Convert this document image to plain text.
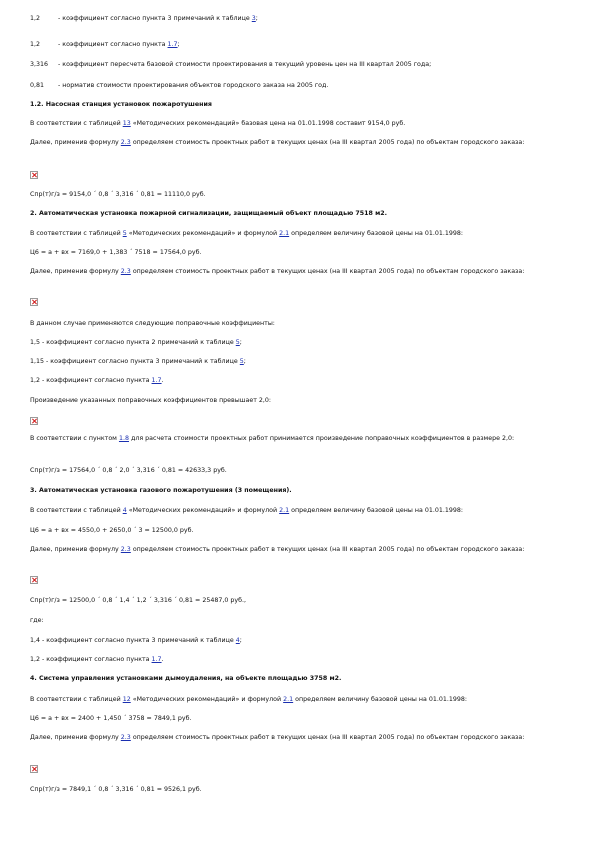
1,2	- коэффициент согласно пункта 3 примечаний к таблице 3;

1,2	- коэффициент согласно пункта 1.7;

3,316	- коэффициент пересчета базовой стоимости проектирования в текущий уровень цен на III квартал 2005 года;

0,81	- норматив стоимости проектирования объектов городского заказа на 2005 год.

1.2. Насосная станция установок пожаротушения

В соответствии с таблицей 13 «Методических рекомендаций» базовая цена на 01.01.1998 составит 9154,0 руб.

Далее, применив формулу 2.3 определяем стоимость проектных работ в текущих ценах (на III квартал 2005 года) по объектам городского заказа:

Спр(т)г/з = 9154,0 ´ 0,8 ´ 3,316 ´ 0,81 = 11110,0 руб.

2. Автоматическая установка пожарной сигнализации, защищаемый объект площадью 7518 м2.

В соответствии с таблицей 5 «Методических рекомендаций» и формулой 2.1 определяем величину базовой цены на 01.01.1998:

Ц6 = а + вх = 7169,0 + 1,383 ´ 7518 = 17564,0 руб.

Далее, применив формулу 2.3 определяем стоимость проектных работ в текущих ценах (на III квартал 2005 года) по объектам городского заказа:

В данном случае применяются следующие поправочные коэффициенты:

1,5 - коэффициент согласно пункта 2 примечаний к таблице 5;

1,15 - коэффициент согласно пункта 3 примечаний к таблице 5;

1,2 - коэффициент согласно пункта 1.7.

Произведение указанных поправочных коэффициентов превышает 2,0:

В соответствии с пунктом 1.8 для расчета стоимости проектных работ принимается произведение поправочных коэффициентов в размере 2,0:

Спр(т)г/з = 17564,0 ´ 0,8 ´ 2,0 ´ 3,316 ´ 0,81 = 42633,3 руб.

3. Автоматическая установка газового пожаротушения (3 помещения).

В соответствии с таблицей 4 «Методических рекомендаций» и формулой 2.1 определяем величину базовой цены на 01.01.1998:

Ц6 = а + вх = 4550,0 + 2650,0 ´ 3 = 12500,0 руб.

Далее, применив формулу 2.3 определяем стоимость проектных работ в текущих ценах (на III квартал 2005 года) по объектам городского заказа:

Спр(т)г/з = 12500,0 ´ 0,8 ´ 1,4 ´ 1,2 ´ 3,316 ´ 0,81 = 25487,0 руб.,

где:

1,4 - коэффициент согласно пункта 3 примечаний к таблице 4;

1,2 - коэффициент согласно пункта 1.7.

4. Система управления установками дымоудаления, на объекте площадью 3758 м2.

В соответствии с таблицей 12 «Методических рекомендаций» и формулой 2.1 определяем величину базовой цены на 01.01.1998:

Ц6 = а + вх = 2400 + 1,450 ´ 3758 = 7849,1 руб.

Далее, применив формулу 2.3 определяем стоимость проектных работ в текущих ценах (на III квартал 2005 года) по объектам городского заказа:

Спр(т)г/з = 7849,1 ´ 0,8 ´ 3,316 ´ 0,81 = 9526,1 руб.
